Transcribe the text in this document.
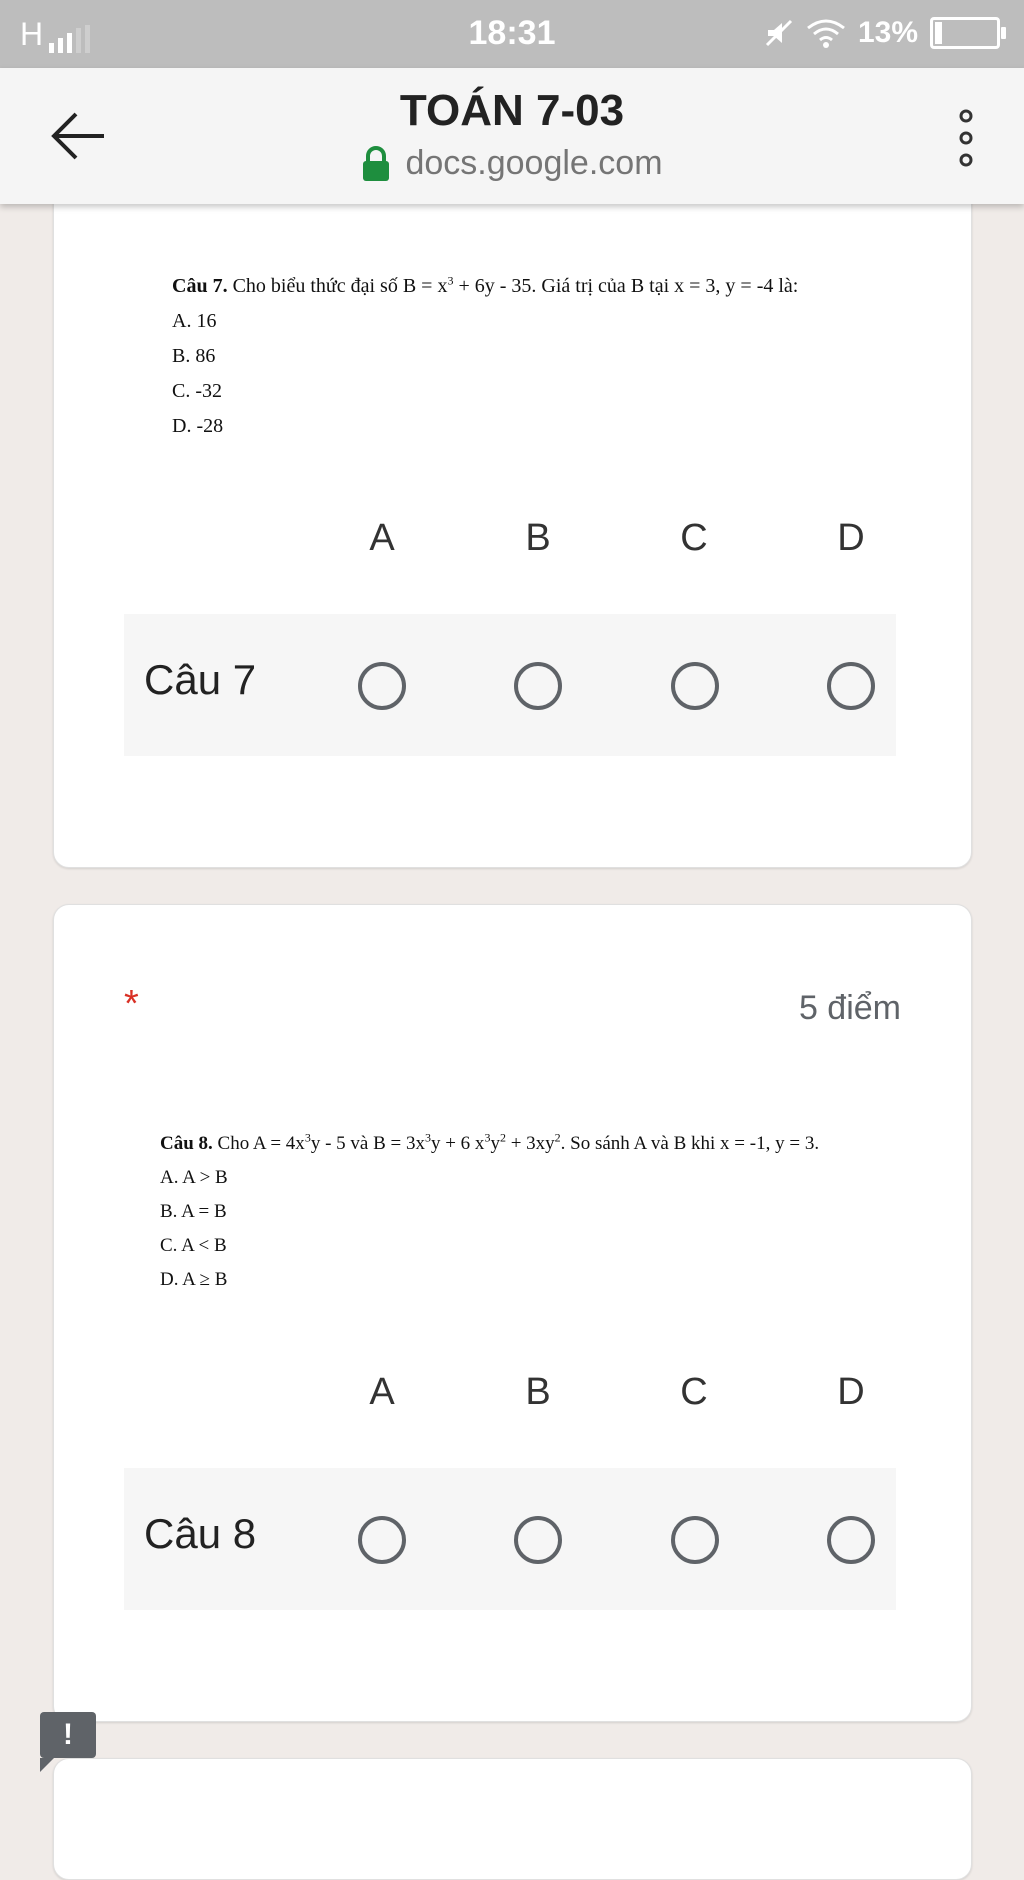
H	18:31	13%
TOÁN 7-03
docs.google.com
Câu 7. Cho biểu thức đại số $B = x^3 + 6y - 35$. Giá trị của B tại x = 3, y = -4 là:
A. 16
B. 86
C. -32
D. -28
A	B	C	D
Câu 7
*	5 điểm
Câu 8. Cho $A = 4x^3y - 5$ và $B = 3x^3y + 6$ $x^3y^2 + 3xy^2$. So sánh A và B khi x = -1, y = 3.
A. A > B
B. A = B
C. A < B
D. A ≥ B
A	B	C	D
Câu 8
!
